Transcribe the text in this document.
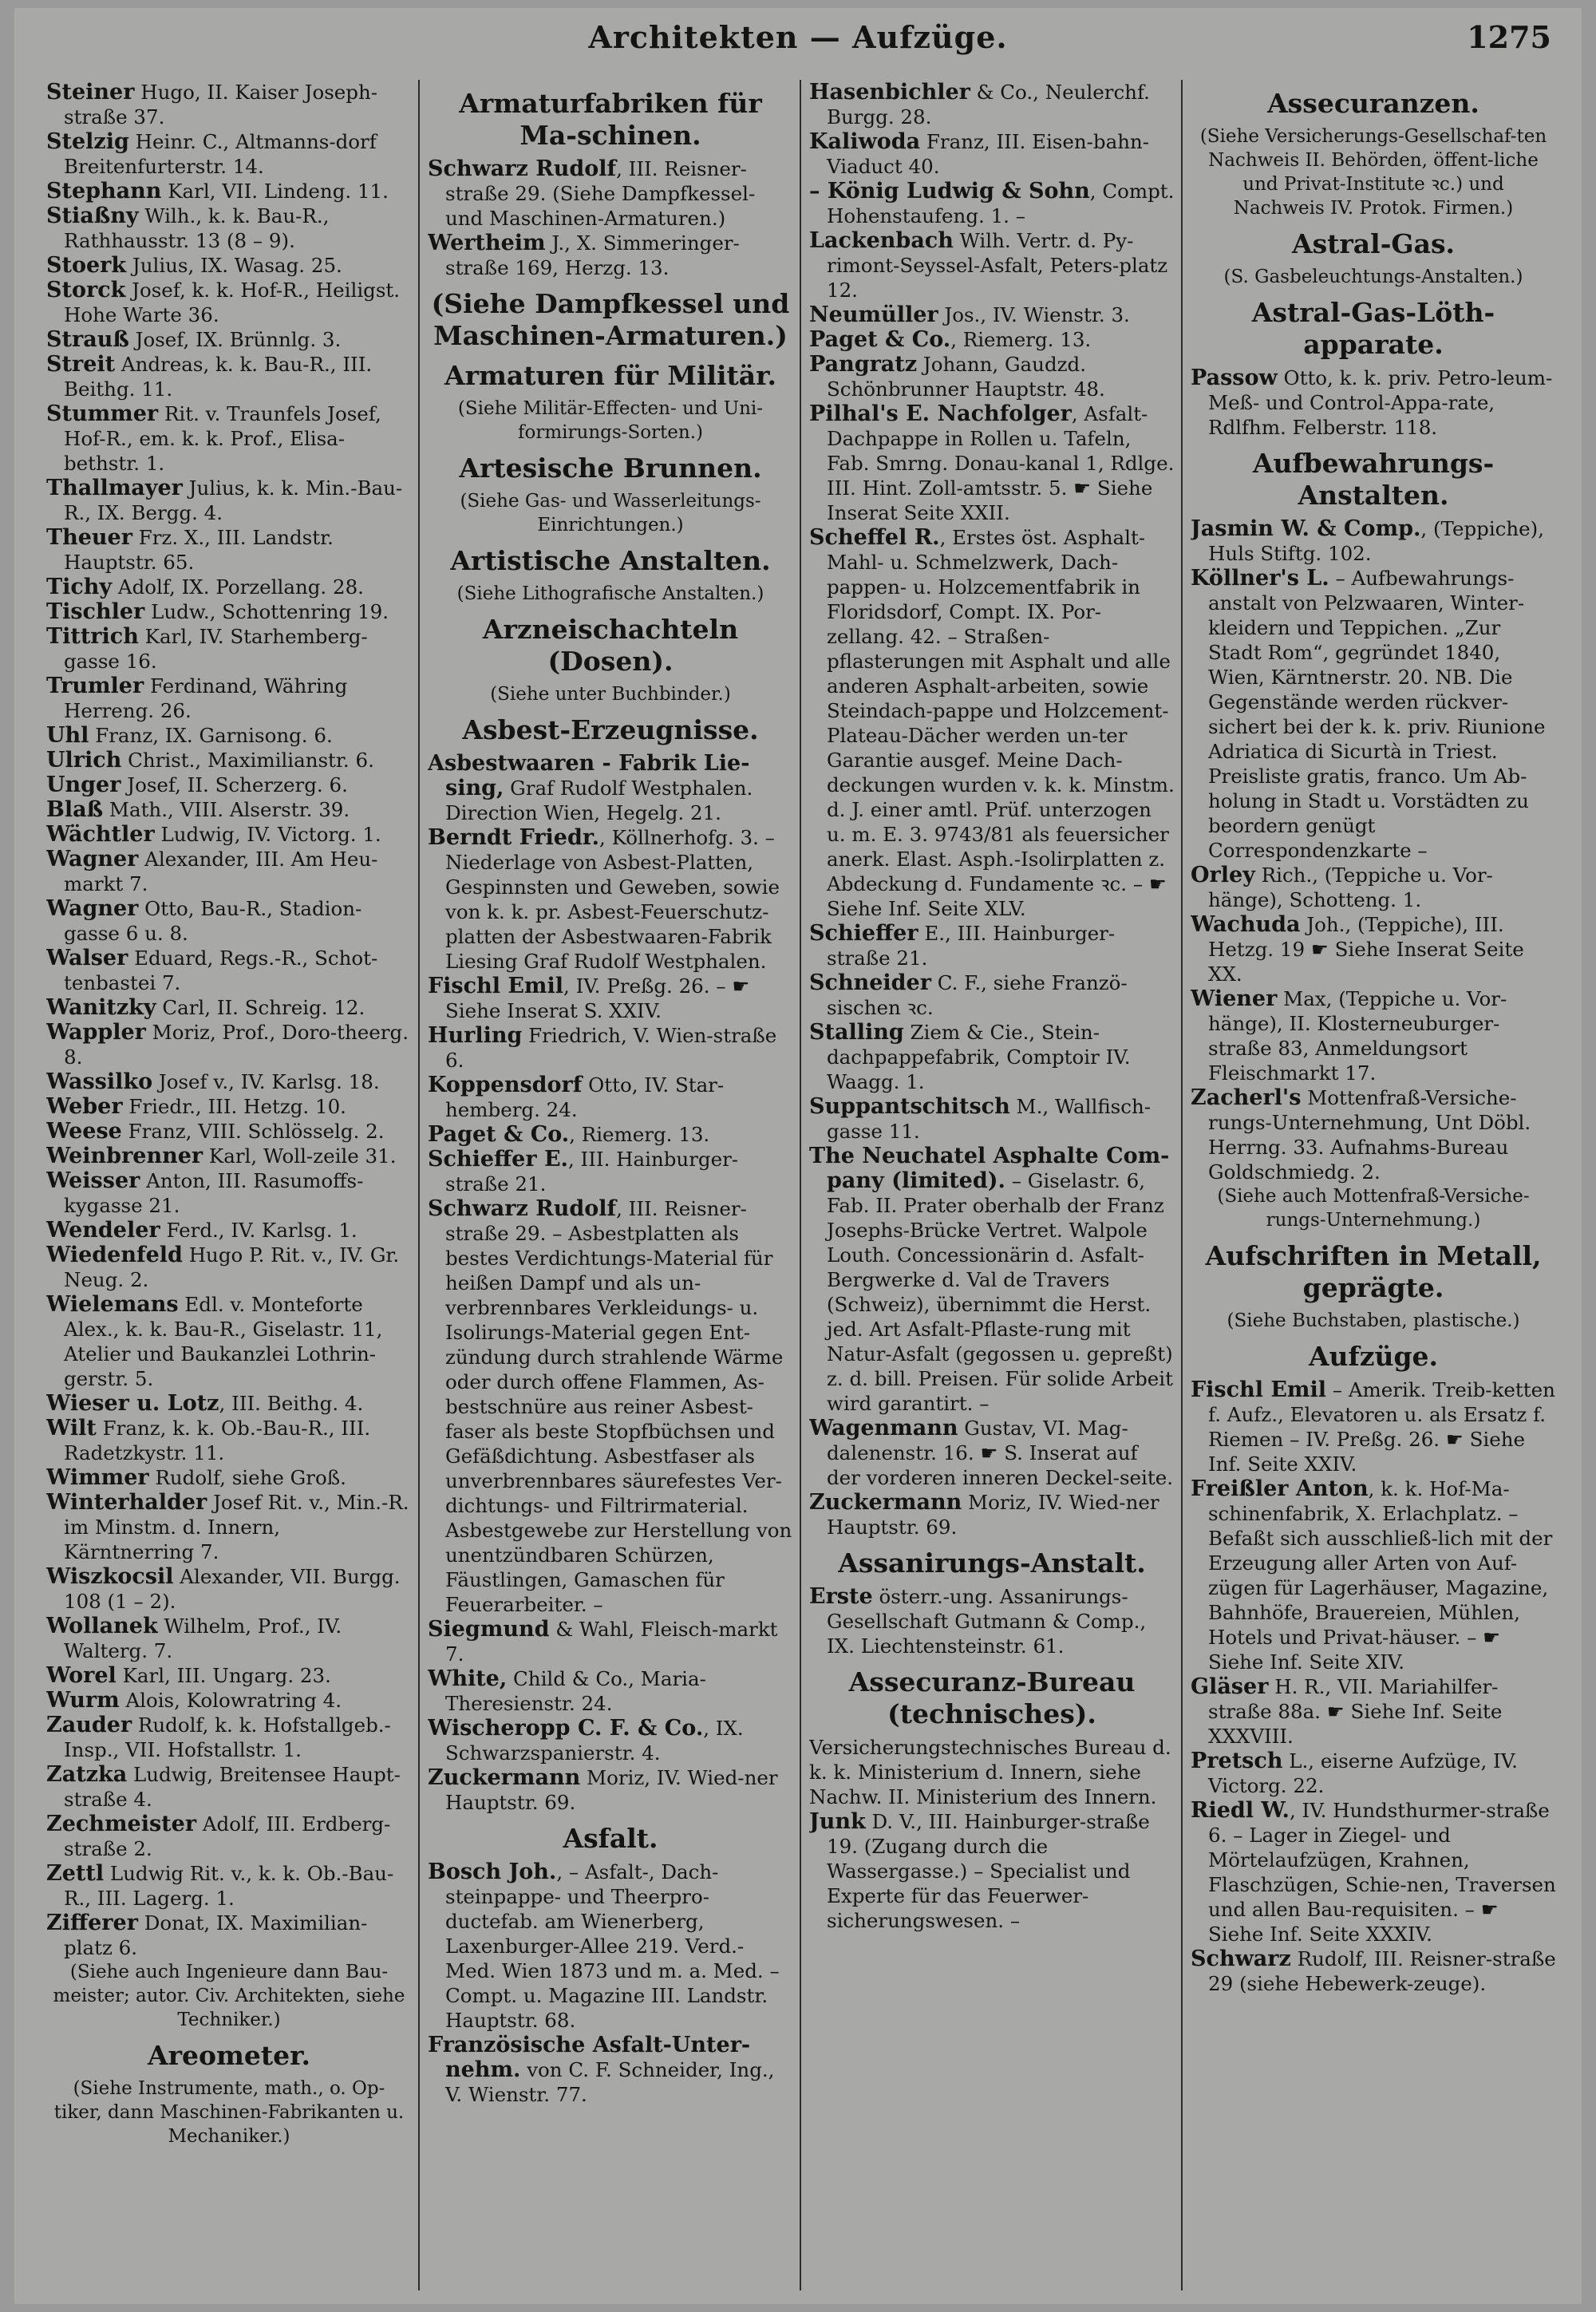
Architekten — Aufzüge.	1275

Steiner Hugo, II. Kaiser Joseph-straße 37.

Stelzig Heinr. C., Altmanns-dorf Breitenfurterstr. 14.

Stephann Karl, VII. Lindeng. 11.

Stiaßny Wilh., k. k. Bau-R., Rathhausstr. 13 (8 – 9).

Stoerk Julius, IX. Wasag. 25.

Storck Josef, k. k. Hof-R., Heiligst. Hohe Warte 36.

Strauß Josef, IX. Brünnlg. 3.

Streit Andreas, k. k. Bau-R., III. Beithg. 11.

Stummer Rit. v. Traunfels Josef, Hof-R., em. k. k. Prof., Elisa-bethstr. 1.

Thallmayer Julius, k. k. Min.-Bau-R., IX. Bergg. 4.

Theuer Frz. X., III. Landstr. Hauptstr. 65.

Tichy Adolf, IX. Porzellang. 28.

Tischler Ludw., Schottenring 19.

Tittrich Karl, IV. Starhemberg-gasse 16.

Trumler Ferdinand, Währing Herreng. 26.

Uhl Franz, IX. Garnisong. 6.

Ulrich Christ., Maximilianstr. 6.

Unger Josef, II. Scherzerg. 6.

Blaß Math., VIII. Alserstr. 39.

Wächtler Ludwig, IV. Victorg. 1.

Wagner Alexander, III. Am Heu-markt 7.

Wagner Otto, Bau-R., Stadion-gasse 6 u. 8.

Walser Eduard, Regs.-R., Schot-tenbastei 7.

Wanitzky Carl, II. Schreig. 12.

Wappler Moriz, Prof., Doro-theerg. 8.

Wassilko Josef v., IV. Karlsg. 18.

Weber Friedr., III. Hetzg. 10.

Weese Franz, VIII. Schlösselg. 2.

Weinbrenner Karl, Woll-zeile 31.

Weisser Anton, III. Rasumoffs-kygasse 21.

Wendeler Ferd., IV. Karlsg. 1.

Wiedenfeld Hugo P. Rit. v., IV. Gr. Neug. 2.

Wielemans Edl. v. Monteforte Alex., k. k. Bau-R., Giselastr. 11, Atelier und Baukanzlei Lothrin-gerstr. 5.

Wieser u. Lotz, III. Beithg. 4.

Wilt Franz, k. k. Ob.-Bau-R., III. Radetzkystr. 11.

Wimmer Rudolf, siehe Groß.

Winterhalder Josef Rit. v., Min.-R. im Minstm. d. Innern, Kärntnerring 7.

Wiszkocsil Alexander, VII. Burgg. 108 (1 – 2).

Wollanek Wilhelm, Prof., IV. Walterg. 7.

Worel Karl, III. Ungarg. 23.

Wurm Alois, Kolowratring 4.

Zauder Rudolf, k. k. Hofstallgeb.-Insp., VII. Hofstallstr. 1.

Zatzka Ludwig, Breitensee Haupt-straße 4.

Zechmeister Adolf, III. Erdberg-straße 2.

Zettl Ludwig Rit. v., k. k. Ob.-Bau-R., III. Lagerg. 1.

Zifferer Donat, IX. Maximilian-platz 6.

(Siehe auch Ingenieure dann Bau-meister; autor. Civ. Architekten, siehe Techniker.)
Areometer.
(Siehe Instrumente, math., o. Op-tiker, dann Maschinen-Fabrikanten u. Mechaniker.)
Armaturfabriken für Ma-schinen.

Schwarz Rudolf, III. Reisner-straße 29. (Siehe Dampfkessel- und Maschinen-Armaturen.)

Wertheim J., X. Simmeringer-straße 169, Herzg. 13.

(Siehe Dampfkessel und Maschinen-Armaturen.)
Armaturen für Militär.
(Siehe Militär-Effecten- und Uni-formirungs-Sorten.)
Artesische Brunnen.
(Siehe Gas- und Wasserleitungs-Einrichtungen.)
Artistische Anstalten.
(Siehe Lithografische Anstalten.)
Arzneischachteln (Dosen).
(Siehe unter Buchbinder.)
Asbest-Erzeugnisse.

Asbestwaaren - Fabrik Lie-sing, Graf Rudolf Westphalen. Direction Wien, Hegelg. 21.

Berndt Friedr., Köllnerhofg. 3. – Niederlage von Asbest-Platten, Gespinnsten und Geweben, sowie von k. k. pr. Asbest-Feuerschutz-platten der Asbestwaaren-Fabrik Liesing Graf Rudolf Westphalen.

Fischl Emil, IV. Preßg. 26. – ☛ Siehe Inserat S. XXIV.

Hurling Friedrich, V. Wien-straße 6.

Koppensdorf Otto, IV. Star-hemberg. 24.

Paget & Co., Riemerg. 13.

Schieffer E., III. Hainburger-straße 21.

Schwarz Rudolf, III. Reisner-straße 29. – Asbestplatten als bestes Verdichtungs-Material für heißen Dampf und als un-verbrennbares Verkleidungs- u. Isolirungs-Material gegen Ent-zündung durch strahlende Wärme oder durch offene Flammen, As-bestschnüre aus reiner Asbest-faser als beste Stopfbüchsen und Gefäßdichtung. Asbestfaser als unverbrennbares säurefestes Ver-dichtungs- und Filtrirmaterial. Asbestgewebe zur Herstellung von unentzündbaren Schürzen, Fäustlingen, Gamaschen für Feuerarbeiter. –

Siegmund & Wahl, Fleisch-markt 7.

White, Child & Co., Maria-Theresienstr. 24.

Wischeropp C. F. & Co., IX. Schwarzspanierstr. 4.

Zuckermann Moriz, IV. Wied-ner Hauptstr. 69.

Asfalt.

Bosch Joh., – Asfalt-, Dach-steinpappe- und Theerpro-ductefab. am Wienerberg, Laxenburger-Allee 219. Verd.-Med. Wien 1873 und m. a. Med. – Compt. u. Magazine III. Landstr. Hauptstr. 68.

Französische Asfalt-Unter-nehm. von C. F. Schneider, Ing., V. Wienstr. 77.

Hasenbichler & Co., Neulerchf. Burgg. 28.

Kaliwoda Franz, III. Eisen-bahn-Viaduct 40.

– König Ludwig & Sohn, Compt. Hohenstaufeng. 1. –

Lackenbach Wilh. Vertr. d. Py-rimont-Seyssel-Asfalt, Peters-platz 12.

Neumüller Jos., IV. Wienstr. 3.

Paget & Co., Riemerg. 13.

Pangratz Johann, Gaudzd. Schönbrunner Hauptstr. 48.

Pilhal's E. Nachfolger, Asfalt-Dachpappe in Rollen u. Tafeln, Fab. Smrng. Donau-kanal 1, Rdlge. III. Hint. Zoll-amtsstr. 5. ☛ Siehe Inserat Seite XXII.

Scheffel R., Erstes öst. Asphalt-Mahl- u. Schmelzwerk, Dach-pappen- u. Holzcementfabrik in Floridsdorf, Compt. IX. Por-zellang. 42. – Straßen-pflasterungen mit Asphalt und alle anderen Asphalt-arbeiten, sowie Steindach-pappe und Holzcement-Plateau-Dächer werden un-ter Garantie ausgef. Meine Dach-deckungen wurden v. k. k. Minstm. d. J. einer amtl. Prüf. unterzogen u. m. E. 3. 9743/81 als feuersicher anerk. Elast. Asph.-Isolirplatten z. Abdeckung d. Fundamente ꝛc. – ☛ Siehe Inf. Seite XLV.

Schieffer E., III. Hainburger-straße 21.

Schneider C. F., siehe Franzö-sischen ꝛc.

Stalling Ziem & Cie., Stein-dachpappefabrik, Comptoir IV. Waagg. 1.

Suppantschitsch M., Wallfisch-gasse 11.

The Neuchatel Asphalte Com-pany (limited). – Giselastr. 6, Fab. II. Prater oberhalb der Franz Josephs-Brücke Vertret. Walpole Louth. Concessionärin d. Asfalt-Bergwerke d. Val de Travers (Schweiz), übernimmt die Herst. jed. Art Asfalt-Pflaste-rung mit Natur-Asfalt (gegossen u. gepreßt) z. d. bill. Preisen. Für solide Arbeit wird garantirt. –

Wagenmann Gustav, VI. Mag-dalenenstr. 16. ☛ S. Inserat auf der vorderen inneren Deckel-seite.

Zuckermann Moriz, IV. Wied-ner Hauptstr. 69.

Assanirungs-Anstalt.

Erste österr.-ung. Assanirungs-Gesellschaft Gutmann & Comp., IX. Liechtensteinstr. 61.

Assecuranz-Bureau (technisches).

Versicherungstechnisches Bureau d. k. k. Ministerium d. Innern, siehe Nachw. II. Ministerium des Innern.

Junk D. V., III. Hainburger-straße 19. (Zugang durch die Wassergasse.) – Specialist und Experte für das Feuerwer-sicherungswesen. –

Assecuranzen.
(Siehe Versicherungs-Gesellschaf-ten Nachweis II. Behörden, öffent-liche und Privat-Institute ꝛc.) und Nachweis IV. Protok. Firmen.)
Astral-Gas.
(S. Gasbeleuchtungs-Anstalten.)
Astral-Gas-Löth-apparate.

Passow Otto, k. k. priv. Petro-leum-Meß- und Control-Appa-rate, Rdlfhm. Felberstr. 118.

Aufbewahrungs-Anstalten.

Jasmin W. & Comp., (Teppiche), Huls Stiftg. 102.

Köllner's L. – Aufbewahrungs-anstalt von Pelzwaaren, Winter-kleidern und Teppichen. „Zur Stadt Rom“, gegründet 1840, Wien, Kärntnerstr. 20. NB. Die Gegenstände werden rückver-sichert bei der k. k. priv. Riunione Adriatica di Sicurtà in Triest. Preisliste gratis, franco. Um Ab-holung in Stadt u. Vorstädten zu beordern genügt Correspondenzkarte –

Orley Rich., (Teppiche u. Vor-hänge), Schotteng. 1.

Wachuda Joh., (Teppiche), III. Hetzg. 19 ☛ Siehe Inserat Seite XX.

Wiener Max, (Teppiche u. Vor-hänge), II. Klosterneuburger-straße 83, Anmeldungsort Fleischmarkt 17.

Zacherl's Mottenfraß-Versiche-rungs-Unternehmung, Unt Döbl. Herrng. 33. Aufnahms-Bureau Goldschmiedg. 2.

(Siehe auch Mottenfraß-Versiche-rungs-Unternehmung.)
Aufschriften in Metall, geprägte.
(Siehe Buchstaben, plastische.)
Aufzüge.

Fischl Emil – Amerik. Treib-ketten f. Aufz., Elevatoren u. als Ersatz f. Riemen – IV. Preßg. 26. ☛ Siehe Inf. Seite XXIV.

Freißler Anton, k. k. Hof-Ma-schinenfabrik, X. Erlachplatz. – Befaßt sich ausschließ-lich mit der Erzeugung aller Arten von Auf-zügen für Lagerhäuser, Magazine, Bahnhöfe, Brauereien, Mühlen, Hotels und Privat-häuser. – ☛ Siehe Inf. Seite XIV.

Gläser H. R., VII. Mariahilfer-straße 88a. ☛ Siehe Inf. Seite XXXVIII.

Pretsch L., eiserne Aufzüge, IV. Victorg. 22.

Riedl W., IV. Hundsthurmer-straße 6. – Lager in Ziegel- und Mörtelaufzügen, Krahnen, Flaschzügen, Schie-nen, Traversen und allen Bau-requisiten. – ☛ Siehe Inf. Seite XXXIV.

Schwarz Rudolf, III. Reisner-straße 29 (siehe Hebewerk-zeuge).
